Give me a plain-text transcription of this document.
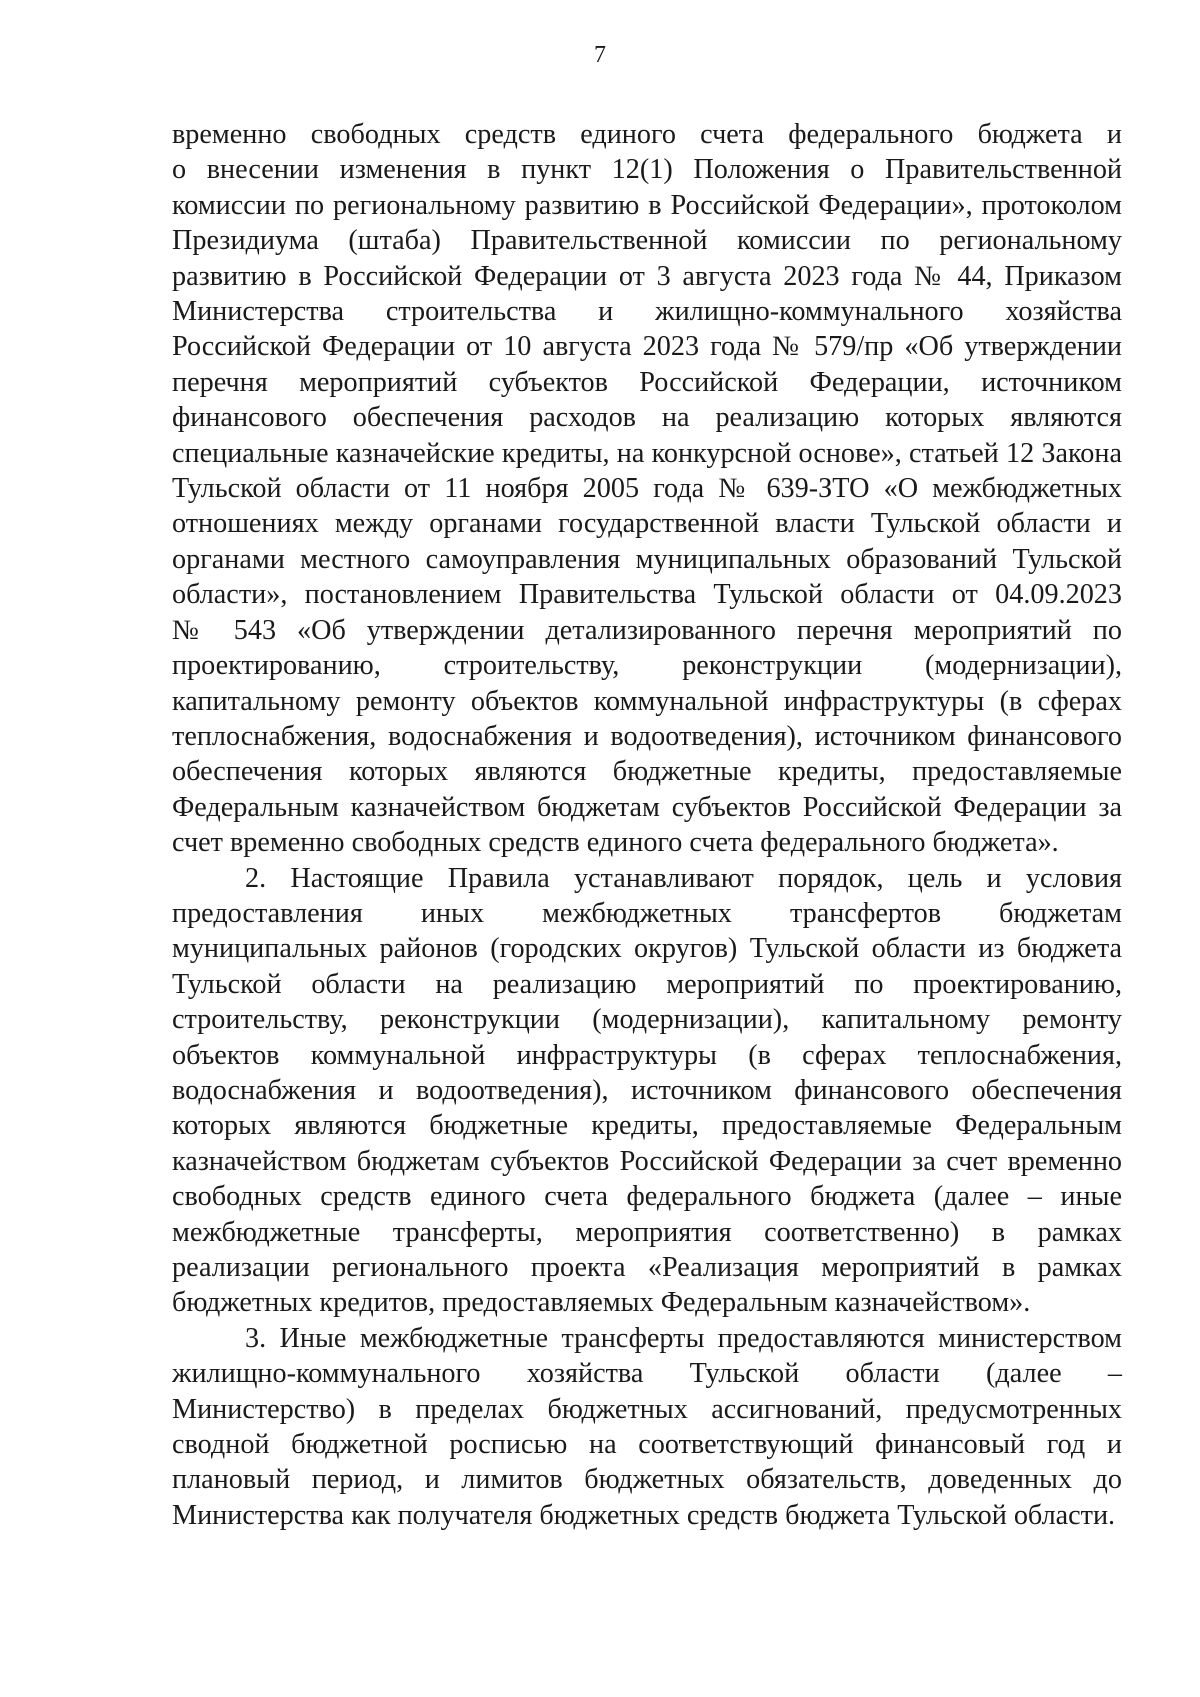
7
временно свободных средств единого счета федерального бюджета и
о внесении изменения в пункт 12(1) Положения о Правительственной
комиссии по региональному развитию в Российской Федерации», протоколом
Президиума (штаба) Правительственной комиссии по региональному
развитию в Российской Федерации от 3 августа 2023 года № 44, Приказом
Министерства строительства и жилищно-коммунального хозяйства
Российской Федерации от 10 августа 2023 года № 579/пр «Об утверждении
перечня мероприятий субъектов Российской Федерации, источником
финансового обеспечения расходов на реализацию которых являются
специальные казначейские кредиты, на конкурсной основе», статьей 12 Закона
Тульской области от 11 ноября 2005 года № 639-ЗТО «О межбюджетных
отношениях между органами государственной власти Тульской области и
органами местного самоуправления муниципальных образований Тульской
области», постановлением Правительства Тульской области от 04.09.2023
№ 543 «Об утверждении детализированного перечня мероприятий по
проектированию, строительству, реконструкции (модернизации),
капитальному ремонту объектов коммунальной инфраструктуры (в сферах
теплоснабжения, водоснабжения и водоотведения), источником финансового
обеспечения которых являются бюджетные кредиты, предоставляемые
Федеральным казначейством бюджетам субъектов Российской Федерации за
счет временно свободных средств единого счета федерального бюджета».
2. Настоящие Правила устанавливают порядок, цель и условия
предоставления иных межбюджетных трансфертов бюджетам
муниципальных районов (городских округов) Тульской области из бюджета
Тульской области на реализацию мероприятий по проектированию,
строительству, реконструкции (модернизации), капитальному ремонту
объектов коммунальной инфраструктуры (в сферах теплоснабжения,
водоснабжения и водоотведения), источником финансового обеспечения
которых являются бюджетные кредиты, предоставляемые Федеральным
казначейством бюджетам субъектов Российской Федерации за счет временно
свободных средств единого счета федерального бюджета (далее – иные
межбюджетные трансферты, мероприятия соответственно) в рамках
реализации регионального проекта «Реализация мероприятий в рамках
бюджетных кредитов, предоставляемых Федеральным казначейством».
3. Иные межбюджетные трансферты предоставляются министерством
жилищно-коммунального хозяйства Тульской области (далее –
Министерство) в пределах бюджетных ассигнований, предусмотренных
сводной бюджетной росписью на соответствующий финансовый год и
плановый период, и лимитов бюджетных обязательств, доведенных до
Министерства как получателя бюджетных средств бюджета Тульской области.
